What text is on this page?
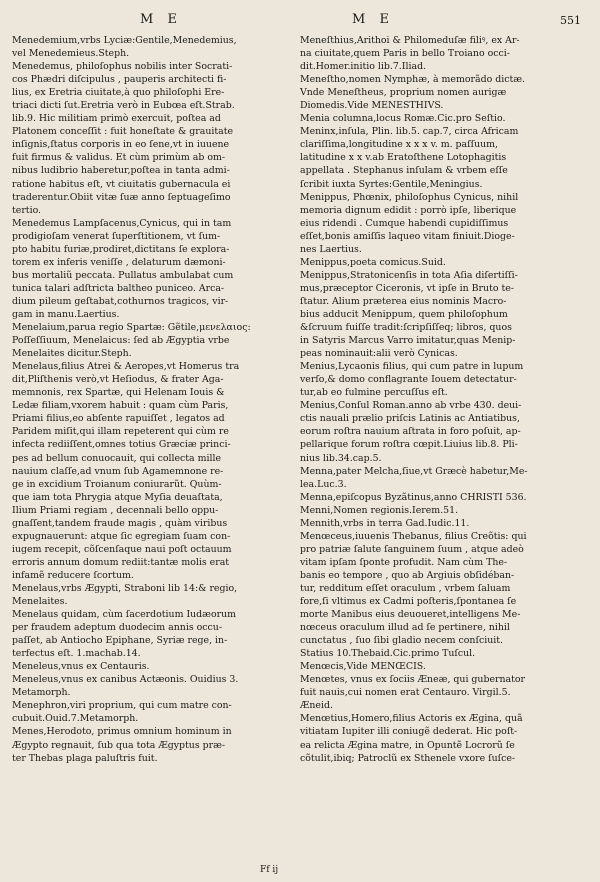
M E	M E	551

Menedemium,vrbs Lyciæ:Gentile,Menedemius,
vel Menedemieus.Steph.

Menedemus, philoſophus nobilis inter Socrati-
cos Phædri diſcipulus , pauperis architecti fi-
lius, ex Eretria ciuitate,à quo philoſophi Ere-
triaci dicti ſut.Eretria verò in Eubœa eſt.Strab.
lib.9. Hic militiam primò exercuit, poſtea ad
Platonem conceſſit : fuit honeſtate & grauitate
inſignis,ſtatus corporis in eo ſene,vt in iuuene
fuit firmus & validus. Et cùm primùm ab om-
nibus ludibrio haberetur,poſtea in tanta admi-
ratione habitus eſt, vt ciuitatis gubernacula ei
traderentur.Obiit vitæ ſuæ anno ſeptuageſimo
tertio.

Menedemus Lampſacenus,Cynicus, qui in tam
prodigioſam venerat ſuperſtitionem, vt ſum-
pto habitu furiæ,prodiret,dictitans ſe explora-
torem ex inferis veniſſe , delaturum dæmoni-
bus mortaliũ peccata. Pullatus ambulabat cum
tunica talari adſtricta baltheo puniceo. Arca-
dium pileum geſtabat,cothurnos tragicos, vir-
gam in manu.Laertius.

Menelaium,parua regio Spartæ: Gẽtile,μενελαιος:
Poſſeſſiuum, Menelaicus: ſed ab Ægyptia vrbe
Menelaites dicitur.Steph.

Menelaus,filius Atrei & Aeropes,vt Homerus tra
dit,Pliſthenis verò,vt Heſiodus, & frater Aga-
memnonis, rex Spartæ, qui Helenam Iouis &
Ledæ filiam,vxorem habuit : quam cùm Paris,
Priami filius,eo abſente rapuiſſet , legatos ad
Paridem miſit,qui illam repeterent qui cùm re
infecta rediiſſent,omnes totius Græciæ princi-
pes ad bellum conuocauit, qui collecta mille
nauium claſſe,ad vnum ſub Agamemnone re-
ge in excidium Troianum coniurarũt. Quùm-
que iam tota Phrygia atque Myſia deuaſtata,
Ilium Priami regiam , decennali bello oppu-
gnaſſent,tandem fraude magis , quàm viribus
expugnauerunt: atque ſic egregiam ſuam con-
iugem recepit, cõſcenſaque naui poſt octauum
erroris annum domum rediit:tantæ molis erat
infamẽ reducere ſcortum.

Menelaus,vrbs Ægypti, Straboni lib 14:& regio,
Menelaites.

Menelaus quidam, cùm ſacerdotium Iudæorum
per fraudem adeptum duodecim annis occu-
paſſet, ab Antiocho Epiphane, Syriæ rege, in-
terfectus eſt. 1.machab.14.

Meneleus,vnus ex Centauris.

Meneleus,vnus ex canibus Actæonis. Ouidius 3.
Metamorph.

Menephron,viri proprium, qui cum matre con-
cubuit.Ouid.7.Metamorph.

Menes,Herodoto, primus omnium hominum in
Ægypto regnauit, ſub qua tota Ægyptus præ-
ter Thebas plaga paluſtris fuit.

Meneſthius,Arithoi & Philomeduſæ filiꝰ, ex Ar-
na ciuitate,quem Paris in bello Troiano occi-
dit.Homer.initio lib.7.Iliad.

Meneſtho,nomen Nymphæ, à memorãdo dictæ.
Vnde Meneſtheus, proprium nomen aurigæ
Diomedis.Vide MENESTHIVS.

Menia columna,locus Romæ.Cic.pro Seſtio.

Meninx,inſula, Plin. lib.5. cap.7, circa Africam
clariſſima,longitudine x x x v. m. paſſuum,
latitudine x x v.ab Eratoſthene Lotophagitis
appellata . Stephanus inſulam & vrbem eſſe
ſcribit iuxta Syrtes:Gentile,Meningius.

Menippus, Phœnix, philoſophus Cynicus, nihil
memoria dignum edidit : porrò ipſe, liberique
eius ridendi . Cumque habendi cupidiſſimus
eſſet,bonis amiſſis laqueo vitam finiuit.Dioge-
nes Laertius.

Menippus,poeta comicus.Suid.

Menippus,Stratonicenſis in tota Aſia diſertiſſi-
mus,præceptor Ciceronis, vt ipſe in Bruto te-
ſtatur. Alium præterea eius nominis Macro-
bius adducit Menippum, quem philoſophum
&ſcruum fuiſſe tradit:ſcripſiſſeq; libros, quos
in Satyris Marcus Varro imitatur,quas Menip-
peas nominauit:alii verò Cynicas.

Menius,Lycaonis filius, qui cum patre in lupum
verſo,& domo conflagrante Iouem detectatur-
tur,ab eo fulmine percuſſus eſt.

Menius,Conſul Roman.anno ab vrbe 430. deui-
ctis nauali prælio priſcis Latinis ac Antiatibus,
eorum roſtra nauium aſtrata in foro poſuit, ap-
pellarique forum roſtra cœpit.Liuius lib.8. Pli-
nius lib.34.cap.5.

Menna,pater Melcha,ſiue,vt Græcè habetur,Me-
lea.Luc.3.

Menna,epiſcopus Byzãtinus,anno CHRISTI 536.

Menni,Nomen regionis.Ierem.51.

Mennith,vrbs in terra Gad.Iudic.11.

Menœceus,iuuenis Thebanus, filius Creõtis: qui
pro patriæ ſalute ſanguinem ſuum , atque adeò
vitam ipſam ſponte profudit. Nam cùm The-
banis eo tempore , quo ab Argiuis obſidéban-
tur, redditum eſſet oraculum , vrbem ſaluam
fore,ſi vltimus ex Cadmi poſteris,ſpontanea ſe
morte Manibus eius deuoueret,intelligens Me-
nœceus oraculum illud ad ſe pertinere, nihil
cunctatus , ſuo ſibi gladio necem conſciuit.
Statius 10.Thebaid.Cic.primo Tuſcul.

Menœcis,Vide MENŒCIS.

Menœtes, vnus ex ſociis Æneæ, qui gubernator
fuit nauis,cui nomen erat Centauro. Virgil.5.
Æneid.

Menœtius,Homero,filius Actoris ex Ægina, quã
vitiatam Iupiter illi coniugẽ dederat. Hic poſt-
ea relicta Ægina matre, in Opuntẽ Locrorũ ſe
cõtulit,ibiq; Patroclũ ex Sthenele vxore ſuſce-

Ff ij
